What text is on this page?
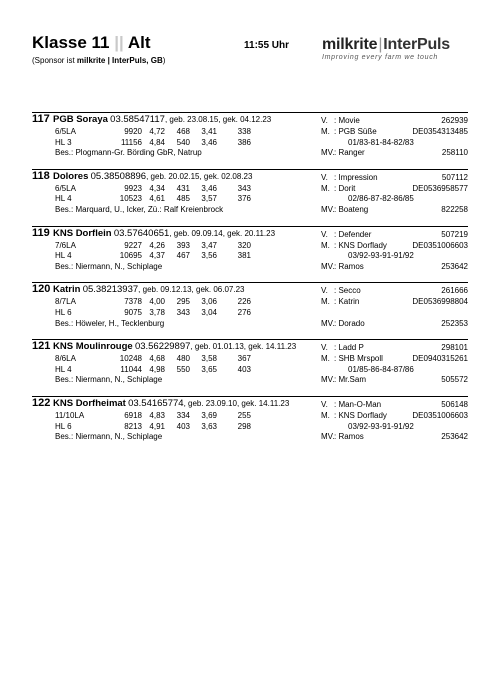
Klasse 11 || Alt
(Sponsor ist milkrite | InterPuls, GB)
11:55 Uhr milkrite|InterPuls
Improving every farm we touch
117 PGB Soraya 03.58547117, geb. 23.08.15, gek. 04.12.23	V. : Movie	262939
6/5LA	9920 4,72 468 3,41	338	M. : PGB Süße	DE0354313485
HL 3	11156 4,84 540 3,46	386	01/83-81-84-82/83
Bes.: Plogmann-Gr. Börding GbR, Natrup	MV.: Ranger	258110
118 Dolores 05.38508896, geb. 20.02.15, gek. 02.08.23	V. : Impression	507112
6/5LA	9923 4,34 431 3,46	343	M. : Dorit	DE0536958577
HL 4	10523 4,61 485 3,57	376	02/86-87-82-86/85
Bes.: Marquard, U., Icker, Zü.: Ralf Kreienbrock	MV.: Boateng	822258
119 KNS Dorflein 03.57640651, geb. 09.09.14, gek. 20.11.23	V. : Defender	507219
7/6LA	9227 4,26 393 3,47	320	M. : KNS Dorflady	DE0351006603
HL 4	10695 4,37 467 3,56	381	03/92-93-91-91/92
Bes.: Niermann, N., Schiplage	MV.: Ramos	253642
120 Katrin 05.38213937, geb. 09.12.13, gek. 06.07.23	V. : Secco	261666
8/7LA	7378 4,00 295 3,06	226	M. : Katrin	DE0536998804
HL 6	9075 3,78 343 3,04	276
Bes.: Höweler, H., Tecklenburg	MV.: Dorado	252353
121 KNS Moulinrouge 03.56229897, geb. 01.01.13, gek. 14.11.23	V. : Ladd P	298101
8/6LA	10248 4,68 480 3,58	367	M. : SHB Mrspoll	DE0940315261
HL 4	11044 4,98 550 3,65	403	01/85-86-84-87/86
Bes.: Niermann, N., Schiplage	MV.: Mr.Sam	505572
122 KNS Dorfheimat 03.54165774, geb. 23.09.10, gek. 14.11.23	V. : Man-O-Man	506148
11/10LA	6918 4,83 334 3,69	255	M. : KNS Dorflady	DE0351006603
HL 6	8213 4,91 403 3,63	298	03/92-93-91-91/92
Bes.: Niermann, N., Schiplage	MV.: Ramos	253642
